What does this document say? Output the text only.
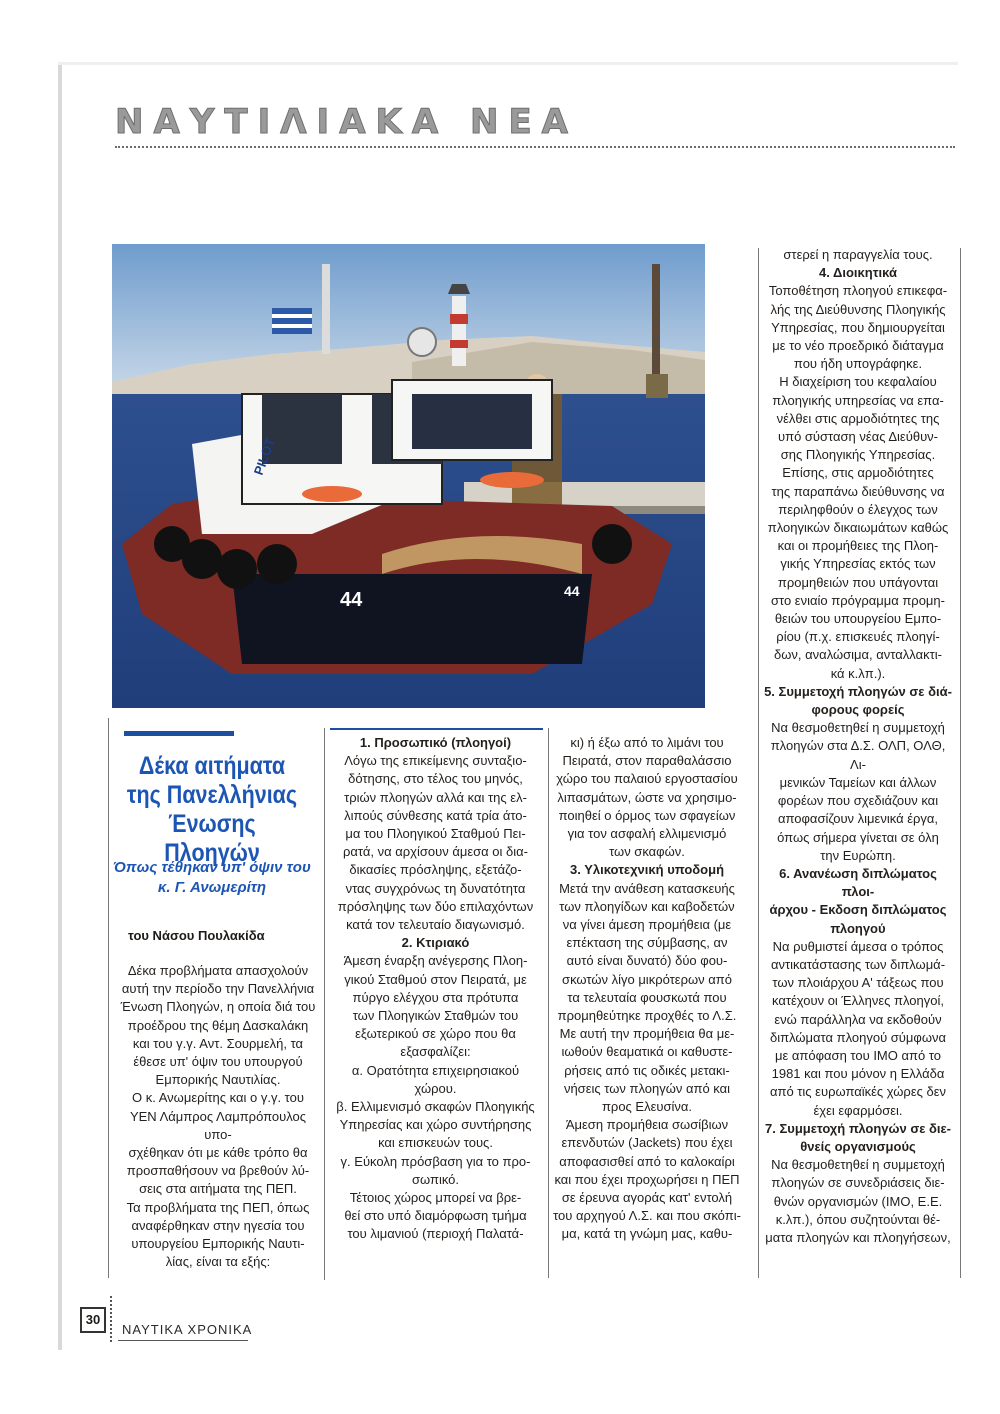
ΝΑΥΤΙΛΙΑΚΑ ΝΕΑ
PILOT
44	44
Δέκα αιτήματα
της Πανελλήνιας
Ένωσης Πλοηγών
Όπως τέθηκαν υπ' όψιν του
κ. Γ. Ανωμερίτη
του Νάσου Πουλακίδα

Δέκα προβλήματα απασχολούν

αυτή την περίοδο την Πανελλήνια

Ένωση Πλοηγών, η οποία διά του

προέδρου της θέμη Δασκαλάκη

και του γ.γ. Αντ. Σουρμελή, τα

έθεσε υπ' όψιν του υπουργού

Εμπορικής Ναυτιλίας.

Ο κ. Ανωμερίτης και ο γ.γ. του

ΥΕΝ Λάμπρος Λαμπρόπουλος υπο-

σχέθηκαν ότι με κάθε τρόπο θα

προσπαθήσουν να βρεθούν λύ-

σεις στα αιτήματα της ΠΕΠ.

Τα προβλήματα της ΠΕΠ, όπως

αναφέρθηκαν στην ηγεσία του

υπουργείου Εμπορικής Ναυτι-

λίας, είναι τα εξής:

1. Προσωπικό (πλοηγοί)

Λόγω της επικείμενης συνταξιο-

δότησης, στο τέλος του μηνός,

τριών πλοηγών αλλά και της ελ-

λιπούς σύνθεσης κατά τρία άτο-

μα του Πλοηγικού Σταθμού Πει-

ρατά, να αρχίσουν άμεσα οι δια-

δικασίες πρόσληψης, εξετάζο-

ντας συγχρόνως τη δυνατότητα

πρόσληψης των δύο επιλαχόντων

κατά τον τελευταίο διαγωνισμό.

2. Κτιριακό

Άμεση έναρξη ανέγερσης Πλοη-

γικού Σταθμού στον Πειρατά, με

πύργο ελέγχου στα πρότυπα

των Πλοηγικών Σταθμών του

εξωτερικού σε χώρο που θα

εξασφαλίζει:

α. Ορατότητα επιχειρησιακού

χώρου.

β. Ελλιμενισμό σκαφών Πλοηγικής

Υπηρεσίας και χώρο συντήρησης

και επισκευών τους.

γ. Εύκολη πρόσβαση για το προ-

σωπικό.

Τέτοιος χώρος μπορεί να βρε-

θεί στο υπό διαμόρφωση τμήμα

του λιμανιού (περιοχή Παλατά-

κι) ή έξω από το λιμάνι του

Πειρατά, στον παραθαλάσσιο

χώρο του παλαιού εργοστασίου

λιπασμάτων, ώστε να χρησιμο-

ποιηθεί ο όρμος των σφαγείων

για τον ασφαλή ελλιμενισμό

των σκαφών.

3. Υλικοτεχνική υποδομή

Μετά την ανάθεση κατασκευής

των πλοηγίδων και καβοδετών

να γίνει άμεση προμήθεια (με

επέκταση της σύμβασης, αν

αυτό είναι δυνατό) δύο φου-

σκωτών λίγο μικρότερων από

τα τελευταία φουσκωτά που

προμηθεύτηκε προχθές το Λ.Σ.

Με αυτή την προμήθεια θα με-

ιωθούν θεαματικά οι καθυστε-

ρήσεις από τις οδικές μετακι-

νήσεις των πλοηγών από και

προς Ελευσίνα.

Άμεση προμήθεια σωσίβιων

επενδυτών (Jackets) που έχει

αποφασισθεί από το καλοκαίρι

και που έχει προχωρήσει η ΠΕΠ

σε έρευνα αγοράς κατ' εντολή

του αρχηγού Λ.Σ. και που σκόπι-

μα, κατά τη γνώμη μας, καθυ-

στερεί η παραγγελία τους.

4. Διοικητικά

Τοποθέτηση πλοηγού επικεφα-

λής της Διεύθυνσης Πλοηγικής

Υπηρεσίας, που δημιουργείται

με το νέο προεδρικό διάταγμα

που ήδη υπογράφηκε.

Η διαχείριση του κεφαλαίου

πλοηγικής υπηρεσίας να επα-

νέλθει στις αρμοδιότητες της

υπό σύσταση νέας Διεύθυν-

σης Πλοηγικής Υπηρεσίας.

Επίσης, στις αρμοδιότητες

της παραπάνω διεύθυνσης να

περιληφθούν ο έλεγχος των

πλοηγικών δικαιωμάτων καθώς

και οι προμήθειες της Πλοη-

γικής Υπηρεσίας εκτός των

προμηθειών που υπάγονται

στο ενιαίο πρόγραμμα προμη-

θειών του υπουργείου Εμπο-

ρίου (π.χ. επισκευές πλοηγί-

δων, αναλώσιμα, ανταλλακτι-

κά κ.λπ.).

5. Συμμετοχή πλοηγών σε διά-

φορους φορείς

Να θεσμοθετηθεί η συμμετοχή

πλοηγών στα Δ.Σ. ΟΛΠ, ΟΛΘ, Λι-

μενικών Ταμείων και άλλων

φορέων που σχεδιάζουν και

αποφασίζουν λιμενικά έργα,

όπως σήμερα γίνεται σε όλη

την Ευρώπη.

6. Ανανέωση διπλώματος πλοι-

άρχου - Εκδοση διπλώματος

πλοηγού

Να ρυθμιστεί άμεσα ο τρόπος

αντικατάστασης των διπλωμά-

των πλοιάρχου Α' τάξεως που

κατέχουν οι Έλληνες πλοηγοί,

ενώ παράλληλα να εκδοθούν

διπλώματα πλοηγού σύμφωνα

με απόφαση του ΙΜΟ από το

1981 και που μόνον η Ελλάδα

από τις ευρωπαϊκές χώρες δεν

έχει εφαρμόσει.

7. Συμμετοχή πλοηγών σε διε-

θνείς οργανισμούς

Να θεσμοθετηθεί η συμμετοχή

πλοηγών σε συνεδριάσεις διε-

θνών οργανισμών (ΙΜΟ, Ε.Ε.

κ.λπ.), όπου συζητούνται θέ-

ματα πλοηγών και πλοηγήσεων,

30
ΝΑΥΤΙΚΑ ΧΡΟΝΙΚΑ
